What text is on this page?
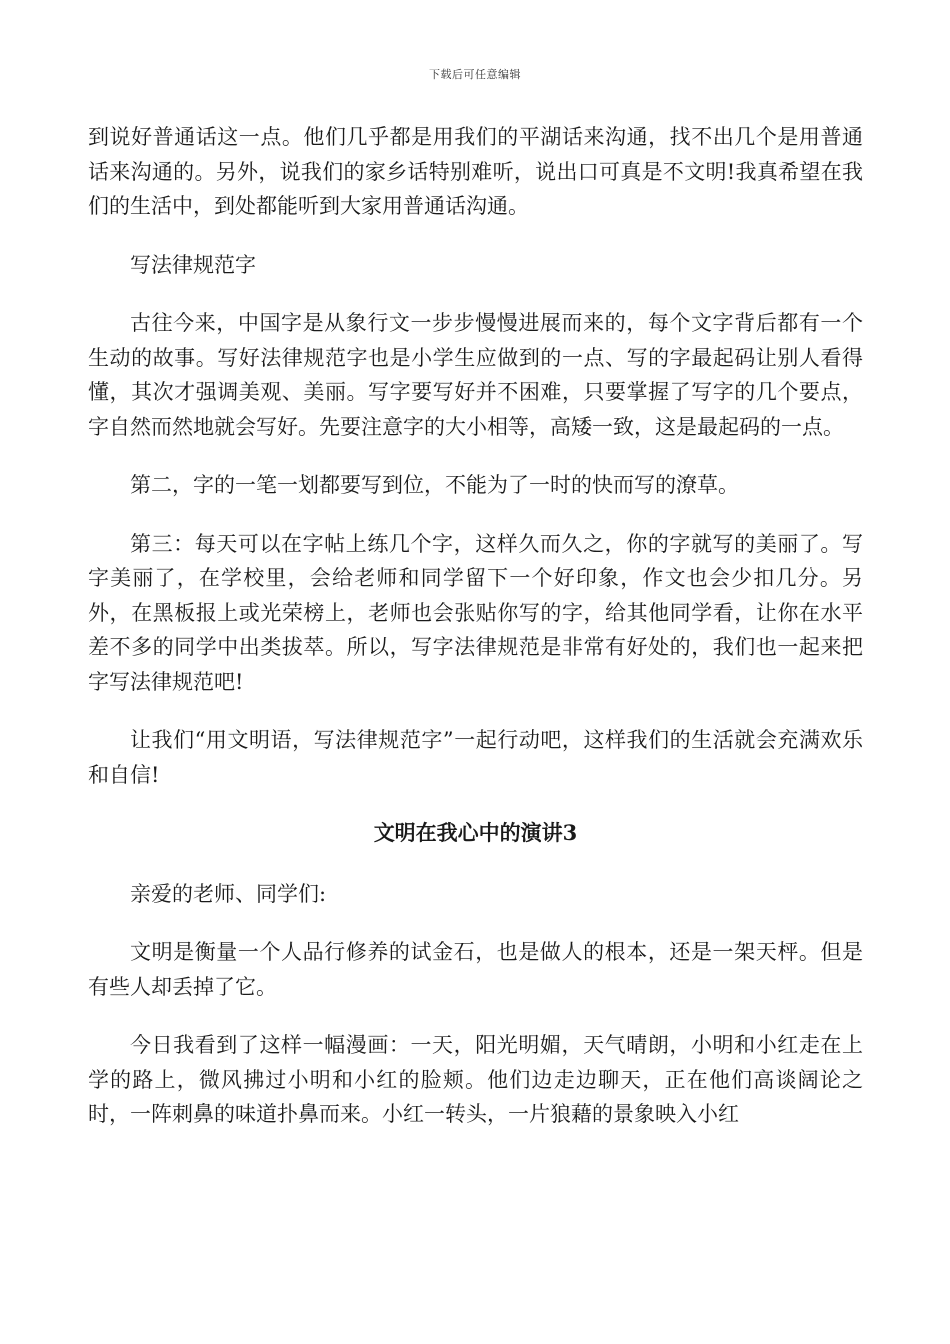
下载后可任意编辑

到说好普通话这一点。他们几乎都是用我们的平湖话来沟通，找不出几个是用普通话来沟通的。另外，说我们的家乡话特别难听，说出口可真是不文明!我真希望在我们的生活中，到处都能听到大家用普通话沟通。

写法律规范字

古往今来，中国字是从象行文一步步慢慢进展而来的，每个文字背后都有一个生动的故事。写好法律规范字也是小学生应做到的一点、写的字最起码让别人看得懂，其次才强调美观、美丽。写字要写好并不困难，只要掌握了写字的几个要点，字自然而然地就会写好。先要注意字的大小相等，高矮一致，这是最起码的一点。

第二，字的一笔一划都要写到位，不能为了一时的快而写的潦草。

第三：每天可以在字帖上练几个字，这样久而久之，你的字就写的美丽了。写字美丽了，在学校里，会给老师和同学留下一个好印象，作文也会少扣几分。另外，在黑板报上或光荣榜上，老师也会张贴你写的字，给其他同学看，让你在水平差不多的同学中出类拔萃。所以，写字法律规范是非常有好处的，我们也一起来把字写法律规范吧!

让我们“用文明语，写法律规范字”一起行动吧，这样我们的生活就会充满欢乐和自信!

文明在我心中的演讲3

亲爱的老师、同学们:

文明是衡量一个人品行修养的试金石，也是做人的根本，还是一架天枰。但是有些人却丢掉了它。

今日我看到了这样一幅漫画：一天，阳光明媚，天气晴朗，小明和小红走在上学的路上，微风拂过小明和小红的脸颊。他们边走边聊天，正在他们高谈阔论之时，一阵刺鼻的味道扑鼻而来。小红一转头，一片狼藉的景象映入小红
